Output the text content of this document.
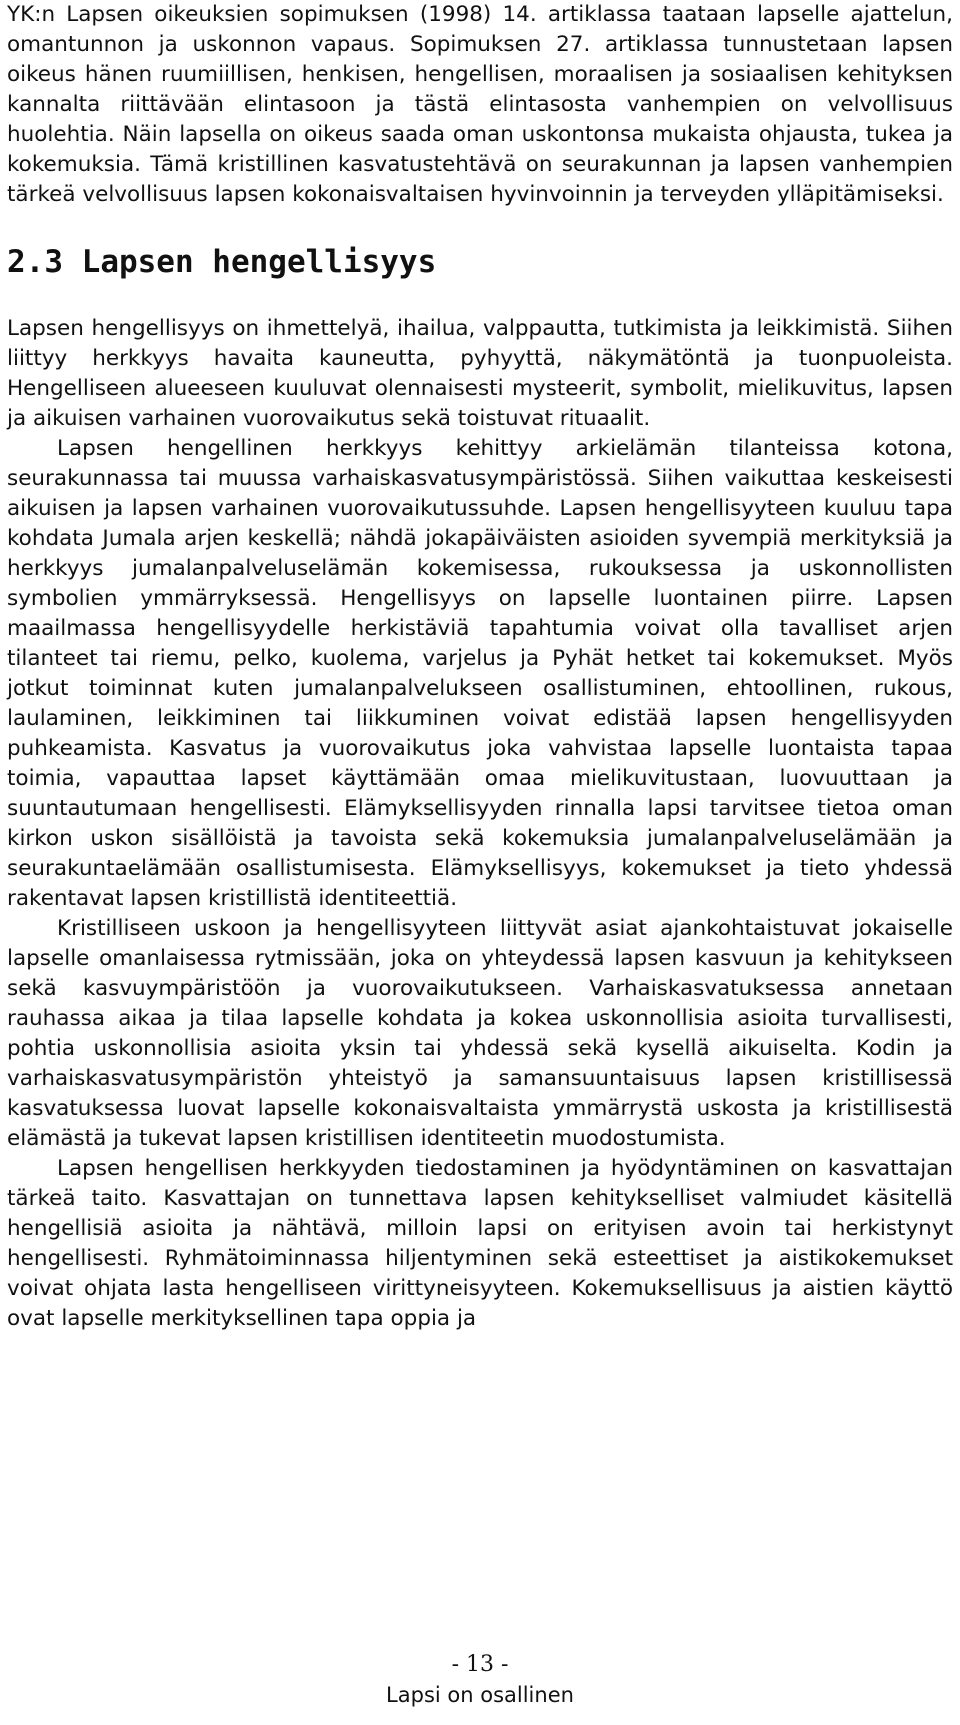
YK:n Lapsen oikeuksien sopimuksen (1998) 14. artiklassa taataan lapselle ajattelun, omantunnon ja uskonnon vapaus. Sopimuksen 27. artiklassa tunnustetaan lapsen oikeus hänen ruumiillisen, henkisen, hengellisen, moraalisen ja sosiaalisen kehityksen kannalta riittävään elintasoon ja tästä elintasosta vanhempien on velvollisuus huolehtia. Näin lapsella on oikeus saada oman uskontonsa mukaista ohjausta, tukea ja kokemuksia. Tämä kristillinen kasvatustehtävä on seurakunnan ja lapsen vanhempien tärkeä velvollisuus lapsen kokonaisvaltaisen hyvinvoinnin ja terveyden ylläpitämiseksi.

2.3 Lapsen hengellisyys

Lapsen hengellisyys on ihmettelyä, ihailua, valppautta, tutkimista ja leikkimistä. Siihen liittyy herkkyys havaita kauneutta, pyhyyttä, näkymätöntä ja tuonpuoleista. Hengelliseen alueeseen kuuluvat olennaisesti mysteerit, symbolit, mielikuvitus, lapsen ja aikuisen varhainen vuorovaikutus sekä toistuvat rituaalit.

Lapsen hengellinen herkkyys kehittyy arkielämän tilanteissa kotona, seurakunnassa tai muussa varhaiskasvatusympäristössä. Siihen vaikuttaa keskeisesti aikuisen ja lapsen varhainen vuorovaikutussuhde. Lapsen hengellisyyteen kuuluu tapa kohdata Jumala arjen keskellä; nähdä jokapäiväisten asioiden syvempiä merkityksiä ja herkkyys jumalanpalveluselämän kokemisessa, rukouksessa ja uskonnollisten symbolien ymmärryksessä. Hengellisyys on lapselle luontainen piirre. Lapsen maailmassa hengellisyydelle herkistäviä tapahtumia voivat olla tavalliset arjen tilanteet tai riemu, pelko, kuolema, varjelus ja Pyhät hetket tai kokemukset. Myös jotkut toiminnat kuten jumalanpalvelukseen osallistuminen, ehtoollinen, rukous, laulaminen, leikkiminen tai liikkuminen voivat edistää lapsen hengellisyyden puhkeamista. Kasvatus ja vuorovaikutus joka vahvistaa lapselle luontaista tapaa toimia, vapauttaa lapset käyttämään omaa mielikuvitustaan, luovuuttaan ja suuntautumaan hengellisesti. Elämyksellisyyden rinnalla lapsi tarvitsee tietoa oman kirkon uskon sisällöistä ja tavoista sekä kokemuksia jumalanpalveluselämään ja seurakuntaelämään osallistumisesta. Elämyksellisyys, kokemukset ja tieto yhdessä rakentavat lapsen kristillistä identiteettiä.

Kristilliseen uskoon ja hengellisyyteen liittyvät asiat ajankohtaistuvat jokaiselle lapselle omanlaisessa rytmissään, joka on yhteydessä lapsen kasvuun ja kehitykseen sekä kasvuympäristöön ja vuorovaikutukseen. Varhaiskasvatuksessa annetaan rauhassa aikaa ja tilaa lapselle kohdata ja kokea uskonnollisia asioita turvallisesti, pohtia uskonnollisia asioita yksin tai yhdessä sekä kysellä aikuiselta. Kodin ja varhaiskasvatusympäristön yhteistyö ja samansuuntaisuus lapsen kristillisessä kasvatuksessa luovat lapselle kokonaisvaltaista ymmärrystä uskosta ja kristillisestä elämästä ja tukevat lapsen kristillisen identiteetin muodostumista.

Lapsen hengellisen herkkyyden tiedostaminen ja hyödyntäminen on kasvattajan tärkeä taito. Kasvattajan on tunnettava lapsen kehitykselliset valmiudet käsitellä hengellisiä asioita ja nähtävä, milloin lapsi on erityisen avoin tai herkistynyt hengellisesti. Ryhmätoiminnassa hiljentyminen sekä esteettiset ja aistikokemukset voivat ohjata lasta hengelliseen virittyneisyyteen. Kokemuksellisuus ja aistien käyttö ovat lapselle merkityksellinen tapa oppia ja

- 13 -
Lapsi on osallinen
